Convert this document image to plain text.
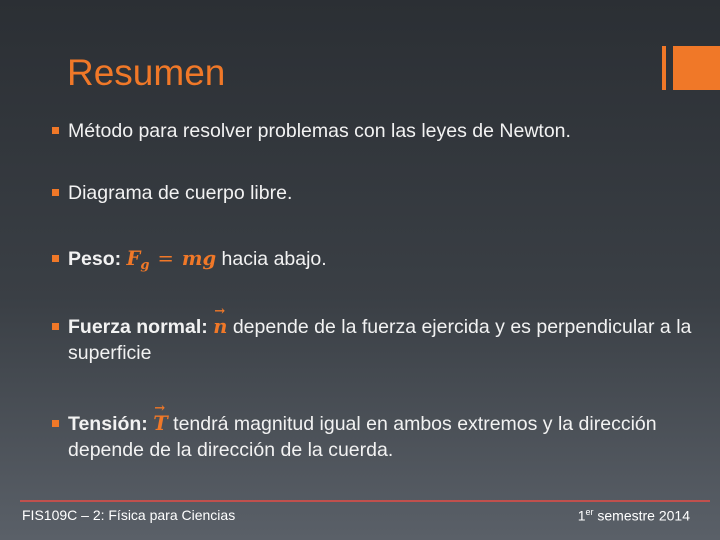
Resumen
Método para resolver problemas con las leyes de Newton.
Diagrama de cuerpo libre.
Peso: $F_g$ = mg hacia abajo.
Fuerza normal: → n depende de la fuerza ejercida y es perpendicular a la superficie
Tensión: → T tendrá magnitud igual en ambos extremos y la dirección depende de la dirección de la cuerda.
FIS109C – 2: Física para Ciencias	1er semestre 2014
